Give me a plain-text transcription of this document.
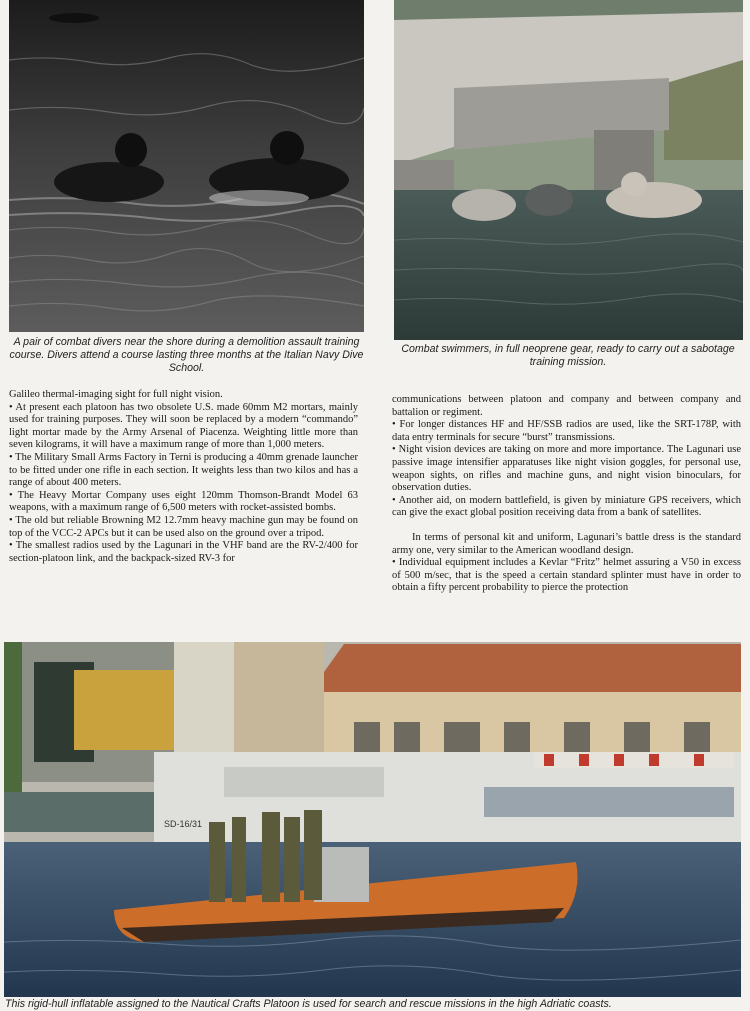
A pair of combat divers near the shore during a demolition assault training course. Divers attend a course lasting three months at the Italian Navy Dive School.
Combat swimmers, in full neoprene gear, ready to carry out a sabotage training mission.

Galileo thermal-imaging sight for full night vision.

• At present each platoon has two obsolete U.S. made 60mm M2 mortars, mainly used for training purposes. They will soon be replaced by a modern “commando” light mortar made by the Army Arsenal of Piacenza. Weighting little more than seven kilograms, it will have a maximum range of more than 1,000 meters.

• The Military Small Arms Factory in Terni is producing a 40mm grenade launcher to be fitted under one rifle in each section. It weights less than two kilos and has a range of about 400 meters.

• The Heavy Mortar Company uses eight 120mm Thomson-Brandt Model 63 weapons, with a maximum range of 6,500 meters with rocket-assisted bombs.

• The old but reliable Browning M2 12.7mm heavy machine gun may be found on top of the VCC-2 APCs but it can be used also on the ground over a tripod.

• The smallest radios used by the Lagunari in the VHF band are the RV-2/400 for section-platoon link, and the backpack-sized RV-3 for

communications between platoon and company and between company and battalion or regiment.

• For longer distances HF and HF/SSB radios are used, like the SRT-178P, with data entry terminals for secure “burst” transmissions.

• Night vision devices are taking on more and more importance. The Lagunari use passive image intensifier apparatuses like night vision goggles, for personal use, weapon sights, on rifles and machine guns, and night vision binoculars, for observation duties.

• Another aid, on modern battlefield, is given by miniature GPS receivers, which can give the exact global position receiving data from a bank of satellites.

In terms of personal kit and uniform, Lagunari’s battle dress is the standard army one, very similar to the American woodland design.

• Individual equipment includes a Kevlar “Fritz” helmet assuring a V50 in excess of 500 m/sec, that is the speed a certain standard splinter must have in order to obtain a fifty percent probability to pierce the protection

SD-16/31
This rigid-hull inflatable assigned to the Nautical Crafts Platoon is used for search and rescue missions in the high Adriatic coasts.
